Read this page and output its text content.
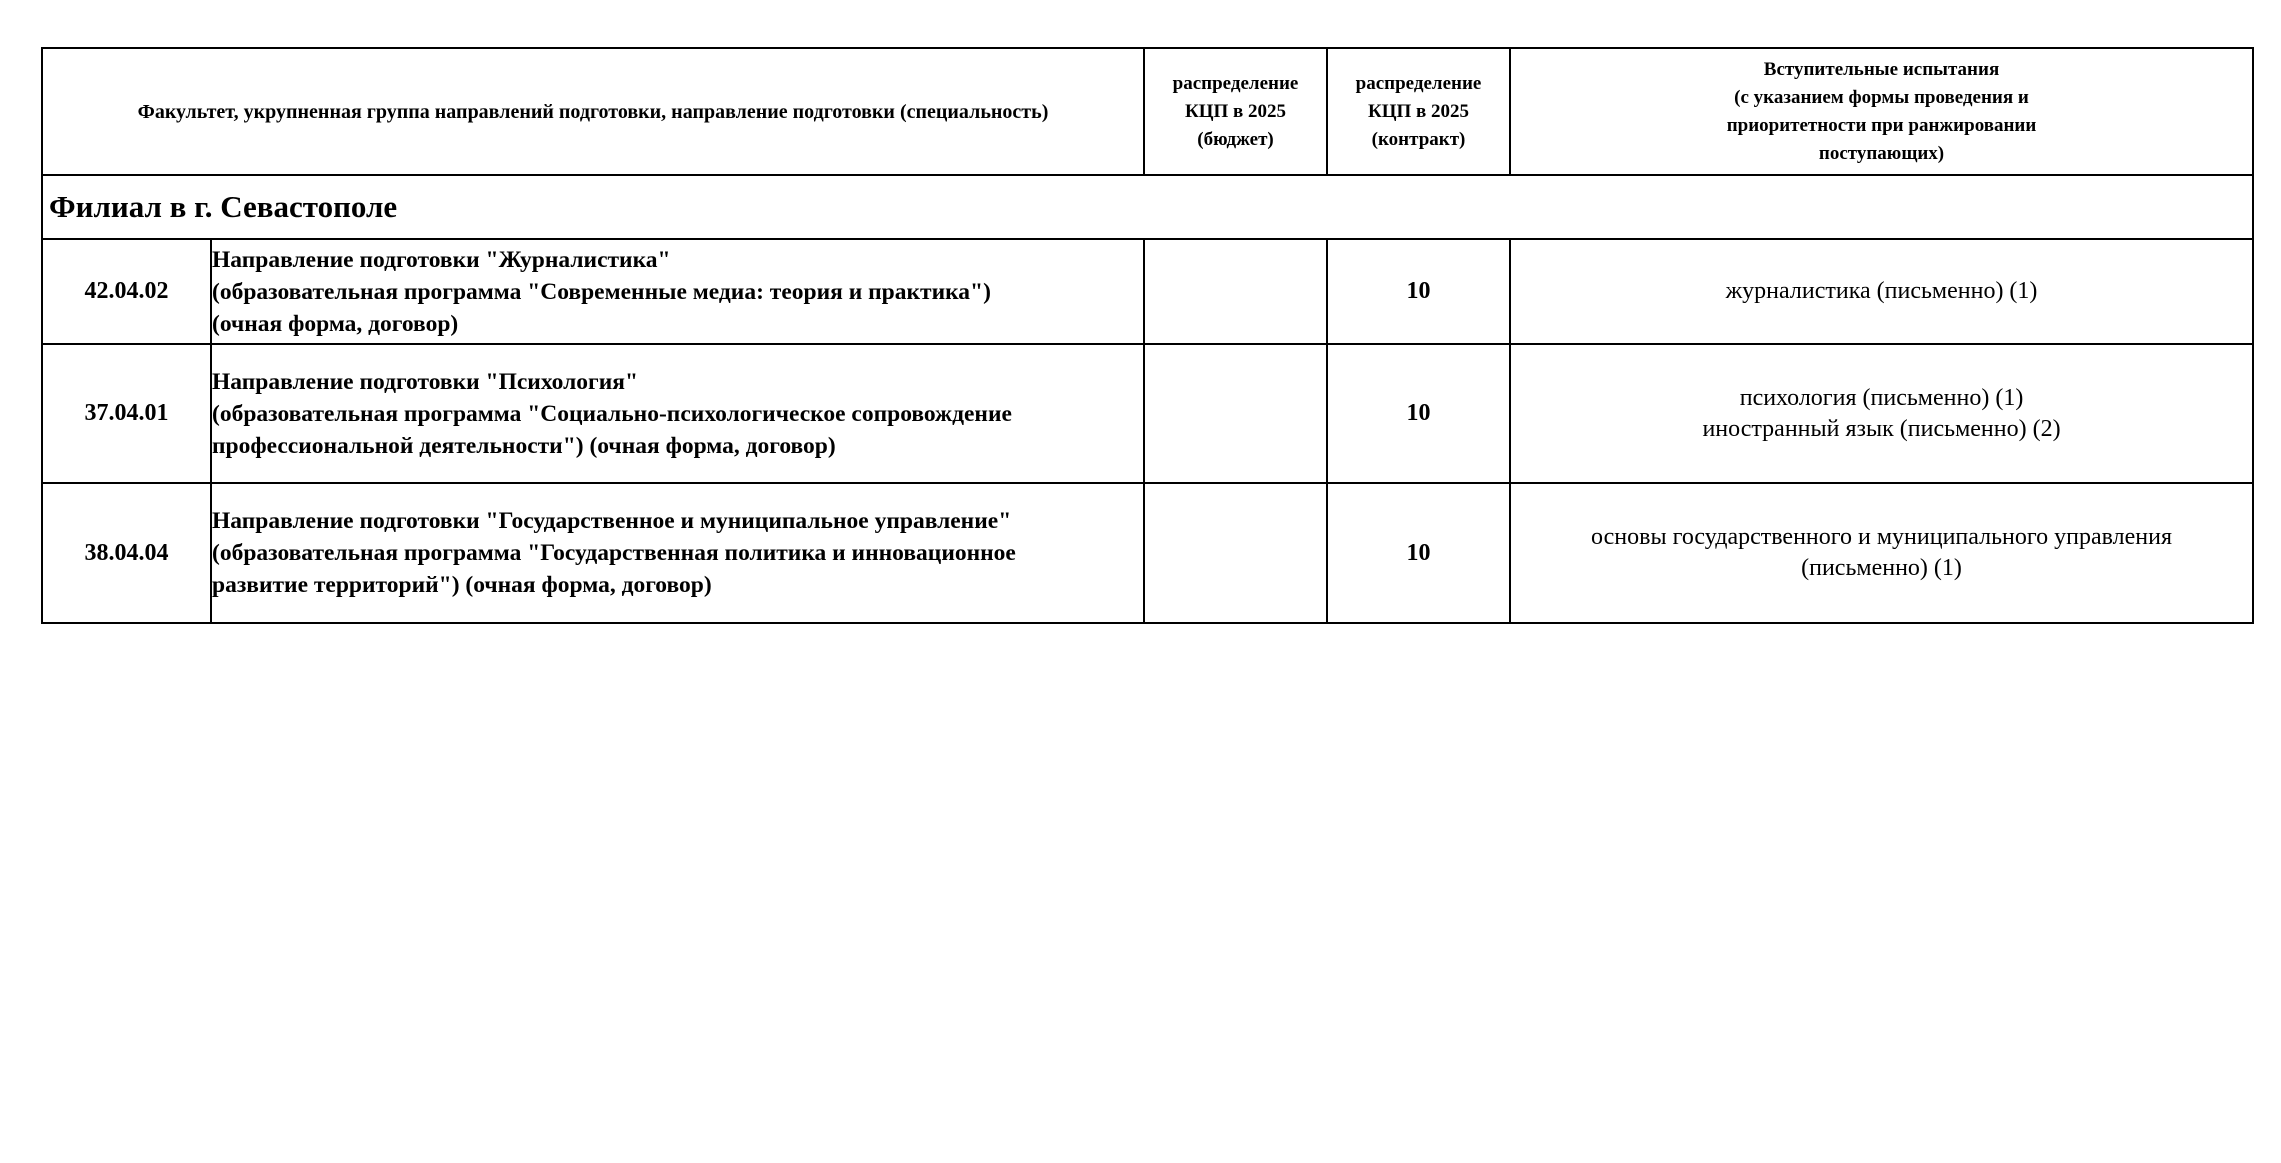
Факультет, укрупненная группа направлений подготовки, направление подготовки (специальность)		распределение
КЦП в 2025
(бюджет)	распределение
КЦП в 2025
(контракт)	Вступительные испытания
(с указанием формы проведения и
приоритетности при ранжировании
поступающих)

Филиал в г. Севастополе				
42.04.02	Направление подготовки "Журналистика"
(образовательная программа "Современные медиа: теория и практика")
(очная форма, договор)		10	журналистика (письменно) (1)

37.04.01	Направление подготовки "Психология"
(образовательная программа "Социально-психологическое сопровождение
профессиональной деятельности") (очная форма, договор)		10	психология (письменно) (1)
иностранный язык (письменно) (2)

38.04.04	Направление подготовки "Государственное и муниципальное управление"
(образовательная программа "Государственная политика и инновационное
развитие территорий") (очная форма, договор)		10	основы государственного и муниципального управления
(письменно) (1)
